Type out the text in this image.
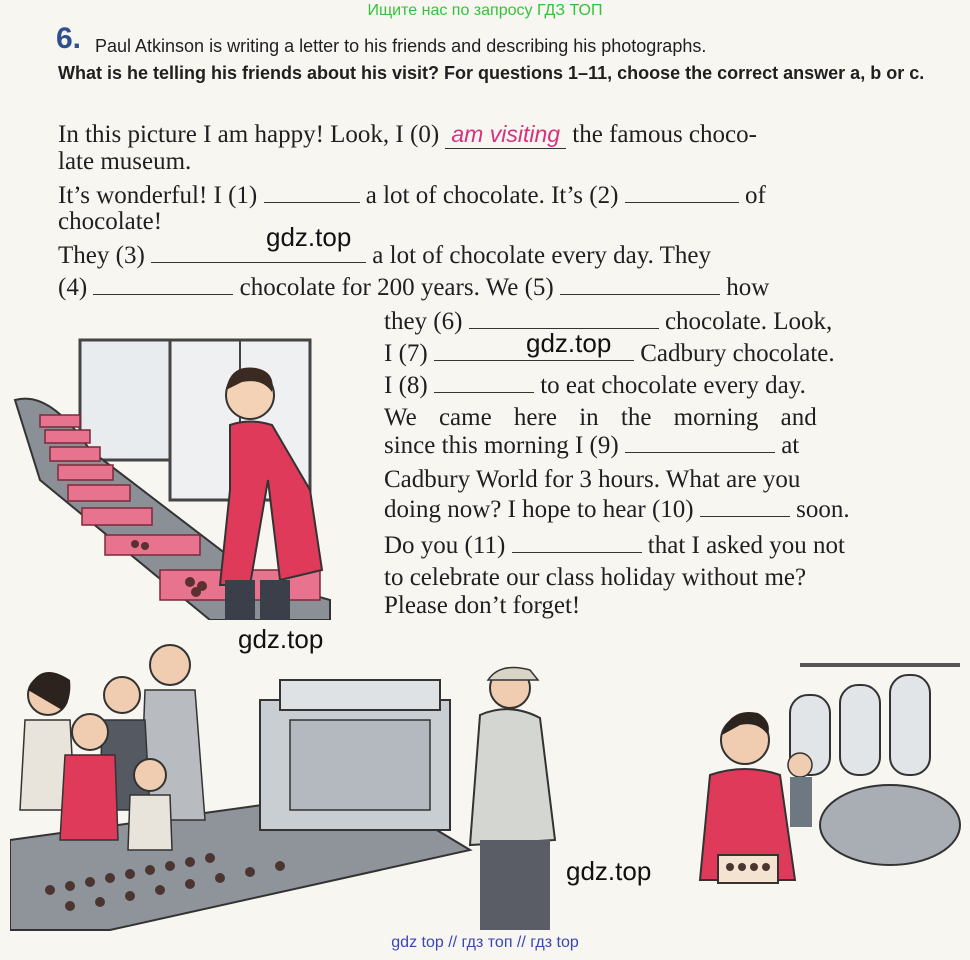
Ищите нас по запросу ГДЗ ТОП
6. Paul Atkinson is writing a letter to his friends and describing his photographs.
What is he telling his friends about his visit? For questions 1–11, choose the correct answer a, b or c.
In this picture I am happy! Look, I (0) am visiting the famous choco-
late museum.
It’s wonderful! I (1)	a lot of chocolate. It’s (2)	of
chocolate!
They (3)	a lot of chocolate every day. They
(4)	chocolate for 200 years. We (5)	how
they (6)	chocolate. Look,
I (7)	Cadbury chocolate.
I (8)	to eat chocolate every day.
We came here in the morning and
since this morning I (9)	at
Cadbury World for 3 hours. What are you
doing now? I hope to hear (10)	soon.
Do you (11)	that I asked you not
to celebrate our class holiday without me?
Please don’t forget!
gdz.top
gdz.top
gdz.top
gdz.top
gdz top // гдз топ // гдз top
